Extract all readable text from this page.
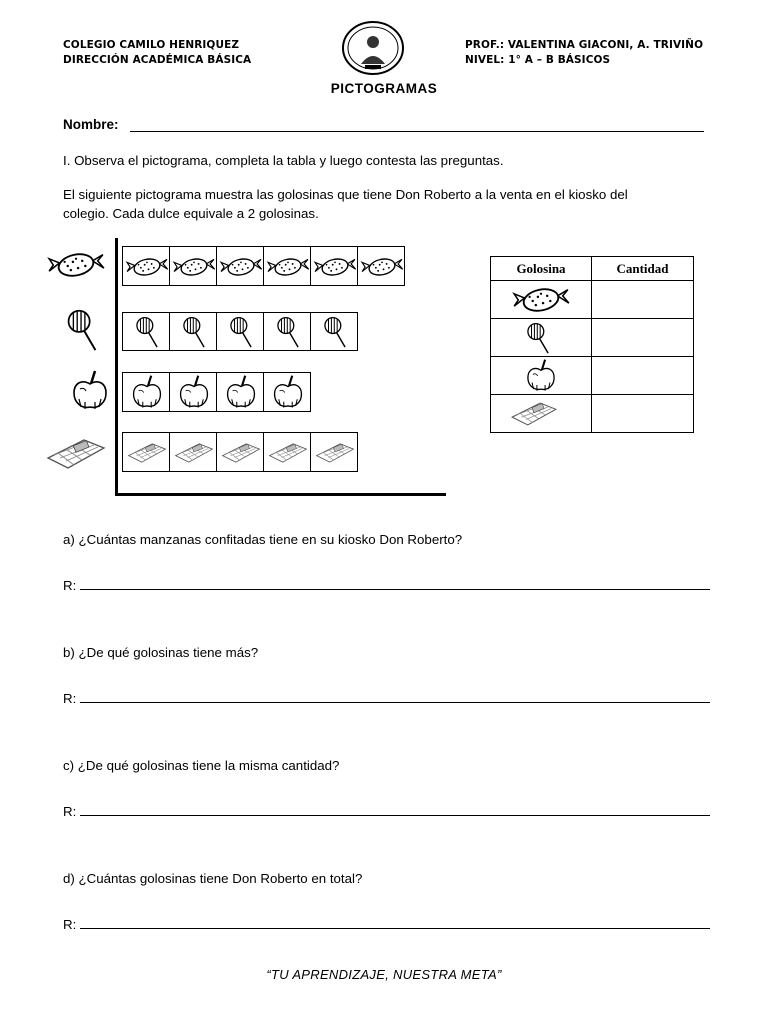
COLEGIO CAMILO HENRIQUEZ
DIRECCIÓN ACADÉMICA BÁSICA
PROF.: VALENTINA GIACONI, A. TRIVIÑO
NIVEL: 1° A – B BÁSICOS
PICTOGRAMAS
Nombre:
I. Observa el pictograma, completa la tabla y luego contesta las preguntas.
El siguiente pictograma muestra las golosinas que tiene Don Roberto a la venta en el kiosko del
colegio. Cada dulce equivale a 2 golosinas.
Golosina	Cantidad

a) ¿Cuántas manzanas confitadas tiene en su kiosko Don Roberto?
R:
b) ¿De qué golosinas tiene más?
R:
c) ¿De qué golosinas tiene la misma cantidad?
R:
d) ¿Cuántas golosinas tiene Don Roberto en total?
R:
“TU APRENDIZAJE, NUESTRA META”
